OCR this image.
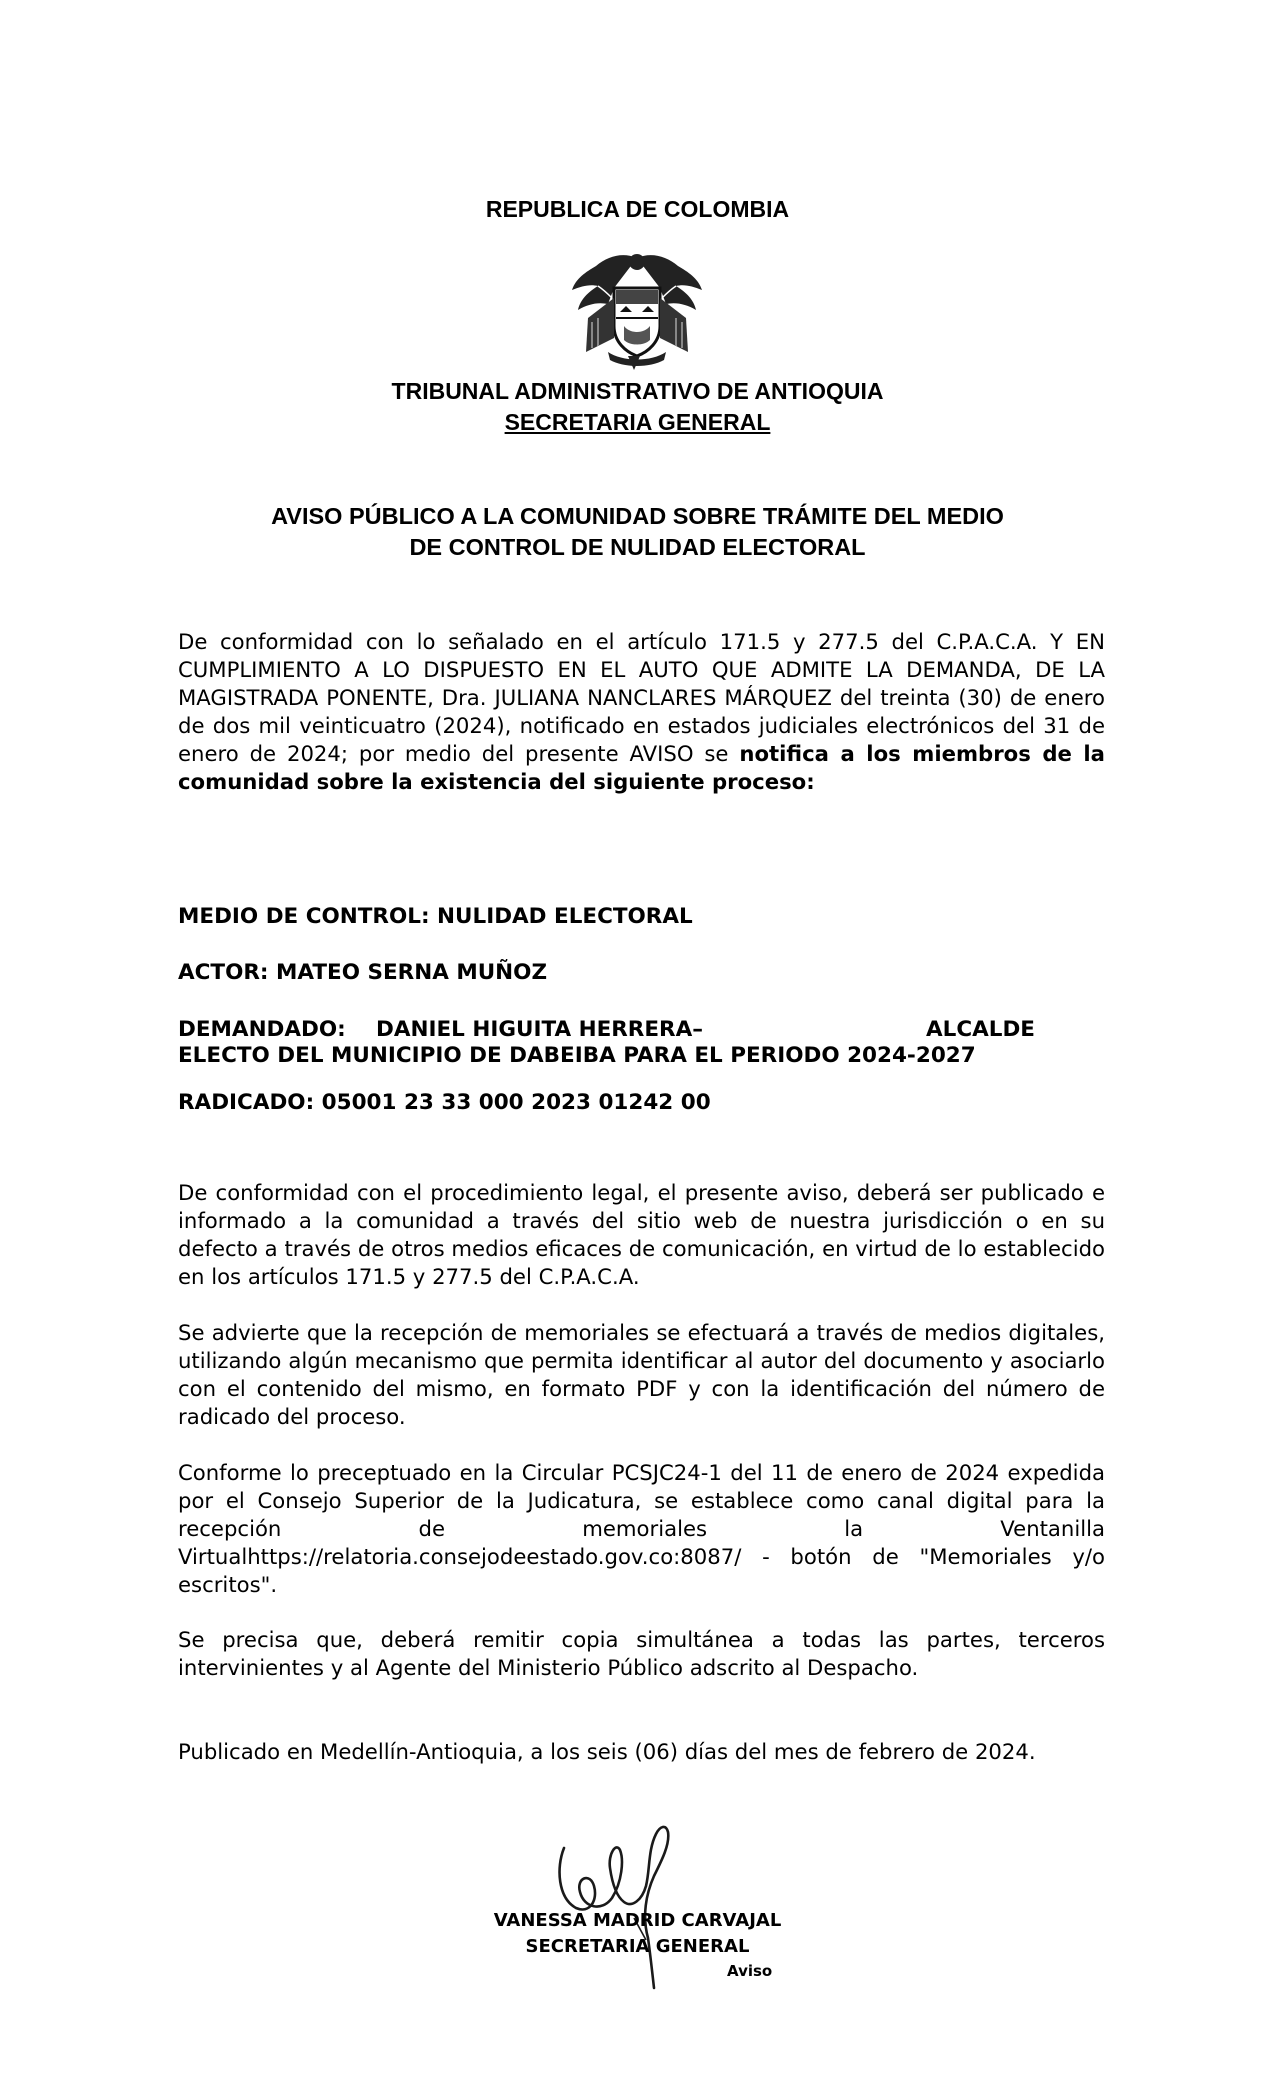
REPUBLICA DE COLOMBIA
TRIBUNAL ADMINISTRATIVO DE ANTIOQUIA
SECRETARIA GENERAL
AVISO PÚBLICO A LA COMUNIDAD SOBRE TRÁMITE DEL MEDIO
DE CONTROL DE NULIDAD ELECTORAL
De conformidad con lo señalado en el artículo 171.5 y 277.5 del C.P.A.C.A. Y EN CUMPLIMIENTO A LO DISPUESTO EN EL AUTO QUE ADMITE LA DEMANDA, DE LA MAGISTRADA PONENTE, Dra. JULIANA NANCLARES MÁRQUEZ del treinta (30) de enero de dos mil veinticuatro (2024), notificado en estados judiciales electrónicos del 31 de enero de 2024; por medio del presente AVISO se notifica a los miembros de la comunidad sobre la existencia del siguiente proceso:
MEDIO DE CONTROL: NULIDAD ELECTORAL
ACTOR: MATEO SERNA MUÑOZ
DEMANDADO: DANIEL HIGUITA HERRERA–	ALCALDE
ELECTO DEL MUNICIPIO DE DABEIBA PARA EL PERIODO 2024-2027
RADICADO: 05001 23 33 000 2023 01242 00
De conformidad con el procedimiento legal, el presente aviso, deberá ser publicado e informado a la comunidad a través del sitio web de nuestra jurisdicción o en su defecto a través de otros medios eficaces de comunicación, en virtud de lo establecido en los artículos 171.5 y 277.5 del C.P.A.C.A.
Se advierte que la recepción de memoriales se efectuará a través de medios digitales, utilizando algún mecanismo que permita identificar al autor del documento y asociarlo con el contenido del mismo, en formato PDF y con la identificación del número de radicado del proceso.
Conforme lo preceptuado en la Circular PCSJC24-1 del 11 de enero de 2024 expedida por el Consejo Superior de la Judicatura, se establece como canal digital para la recepción de memoriales la Ventanilla Virtualhttps://relatoria.consejodeestado.gov.co:8087/ - botón de "Memoriales y/o escritos".
Se precisa que, deberá remitir copia simultánea a todas las partes, terceros intervinientes y al Agente del Ministerio Público adscrito al Despacho.
Publicado en Medellín-Antioquia, a los seis (06) días del mes de febrero de 2024.
VANESSA MADRID CARVAJAL
SECRETARIA GENERAL
Aviso
